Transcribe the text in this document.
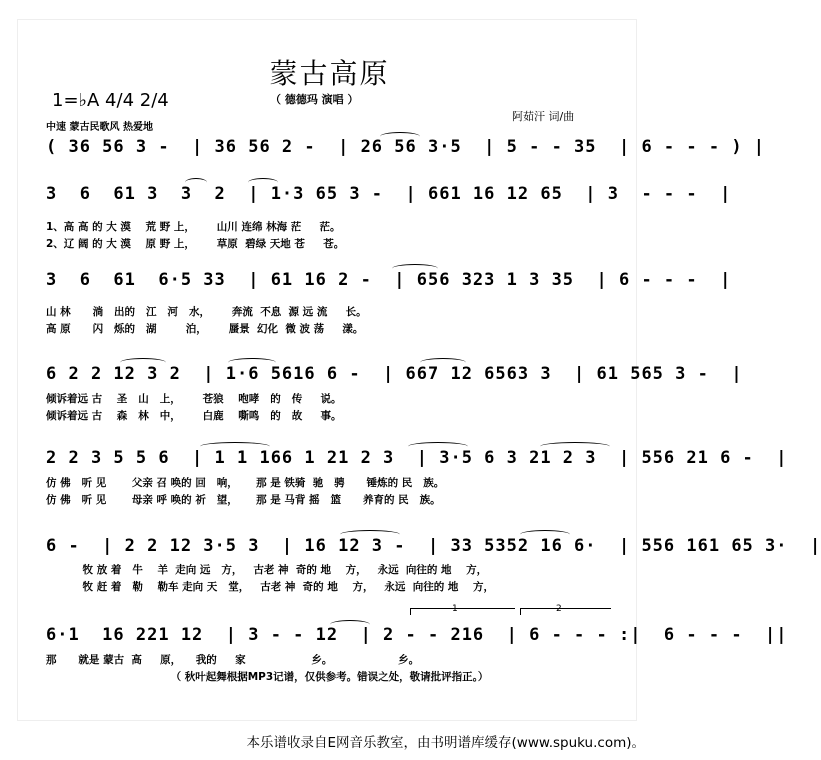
蒙古高原
（ 德德玛 演唱 ）
1=♭A 4/4 2/4
中速 蒙古民歌风 热爱地
阿茹汗 词/曲
( 36 56 3 -  | 36 56 2 -  | 26 56 3·5  | 5 - - 35  | 6 - - - ) |
3  6  61 3  3  2  | 1·3 65 3 -  | 661 16 12 65  | 3  - - -  |
1、高 高 的 大 漠    荒 野 上，      山川 连绵 林海 茫     茫。
2、辽 阔 的 大 漠    原 野 上，      草原  碧绿 天地 苍     苍。
3  6  61  6·5 33  | 61 16 2 -  | 656 323 1 3 35  | 6 - - -  |
山 林      淌   出的   江   河   水，      奔流  不息  源 远 流     长。
高 原      闪   烁的   湖        泊，      蜃景  幻化  微 波 荡     漾。
6 2 2 12 3 2  | 1·6 5616 6 -  | 667 12 6563 3  | 61 565 3 -  |
倾诉着远 古    圣   山   上，      苍狼    咆哮   的   传     说。
倾诉着远 古    森   林   中，      白鹿    嘶鸣   的   故     事。
2 2 3 5 5 6  | 1 1 166 1 21 2 3  | 3·5 6 3 21 2 3  | 556 21 6 -  |
仿 佛   听 见       父亲 召 唤的 回   响，     那 是 铁骑  驰   骋      锤炼的 民   族。
仿 佛   听 见       母亲 呼 唤的 祈   望，     那 是 马背 摇   篮      养育的 民   族。
6 -  | 2 2 12 3·5 3  | 16 12 3 -  | 33 5352 16 6·  | 556 161 65 3·  |
牧 放 着   牛    羊  走向 远   方，   古老 神  奇的 地    方，   永远  向往的 地    方，
牧 赶 着   勒    勒车 走向 天   堂，   古老 神  奇的 地    方，   永远  向往的 地    方，
1	2
6·1  16 221 12  | 3 - - 12  | 2 - - 216  | 6 - - - :|  6 - - -  ||
那      就是 蒙古  高     原，    我的     家                  乡。                  乡。
（ 秋叶起舞根据MP3记谱，仅供参考。错误之处，敬请批评指正。）
本乐谱收录自E网音乐教室，由书明谱库缓存(www.spuku.com)。
